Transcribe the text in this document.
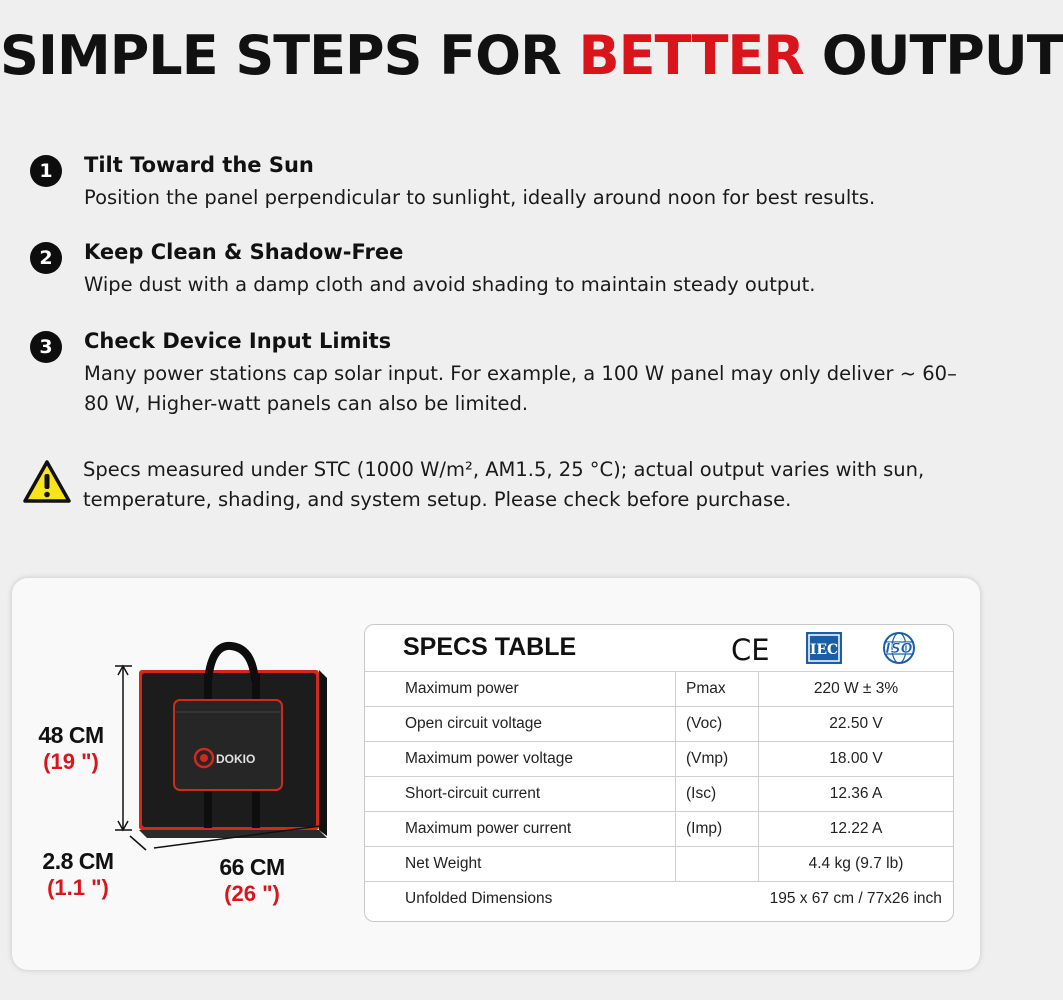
SIMPLE STEPS FOR BETTER OUTPUT
1	Tilt Toward the Sun
Position the panel perpendicular to sunlight, ideally around noon for best results.
2	Keep Clean & Shadow-Free
Wipe dust with a damp cloth and avoid shading to maintain steady output.
3	Check Device Input Limits
Many power stations cap solar input. For example, a 100 W panel may only deliver ~ 60–80 W, Higher-watt panels can also be limited.
Specs measured under STC (1000 W/m², AM1.5, 25 °C); actual output varies with sun, temperature, shading, and system setup. Please check before purchase.
DOKIO
48 CM
(19 ")
2.8 CM
(1.1 ")
66 CM
(26 ")
SPECS TABLE	CE	IEC	ISO
Maximum power	Pmax	220 W ± 3%
Open circuit voltage	(Voc)	22.50 V
Maximum power voltage	(Vmp)	18.00 V
Short-circuit current	(Isc)	12.36 A
Maximum power current	(Imp)	12.22 A
Net Weight		4.4 kg (9.7 lb)
Unfolded Dimensions		195 x 67 cm / 77x26 inch
